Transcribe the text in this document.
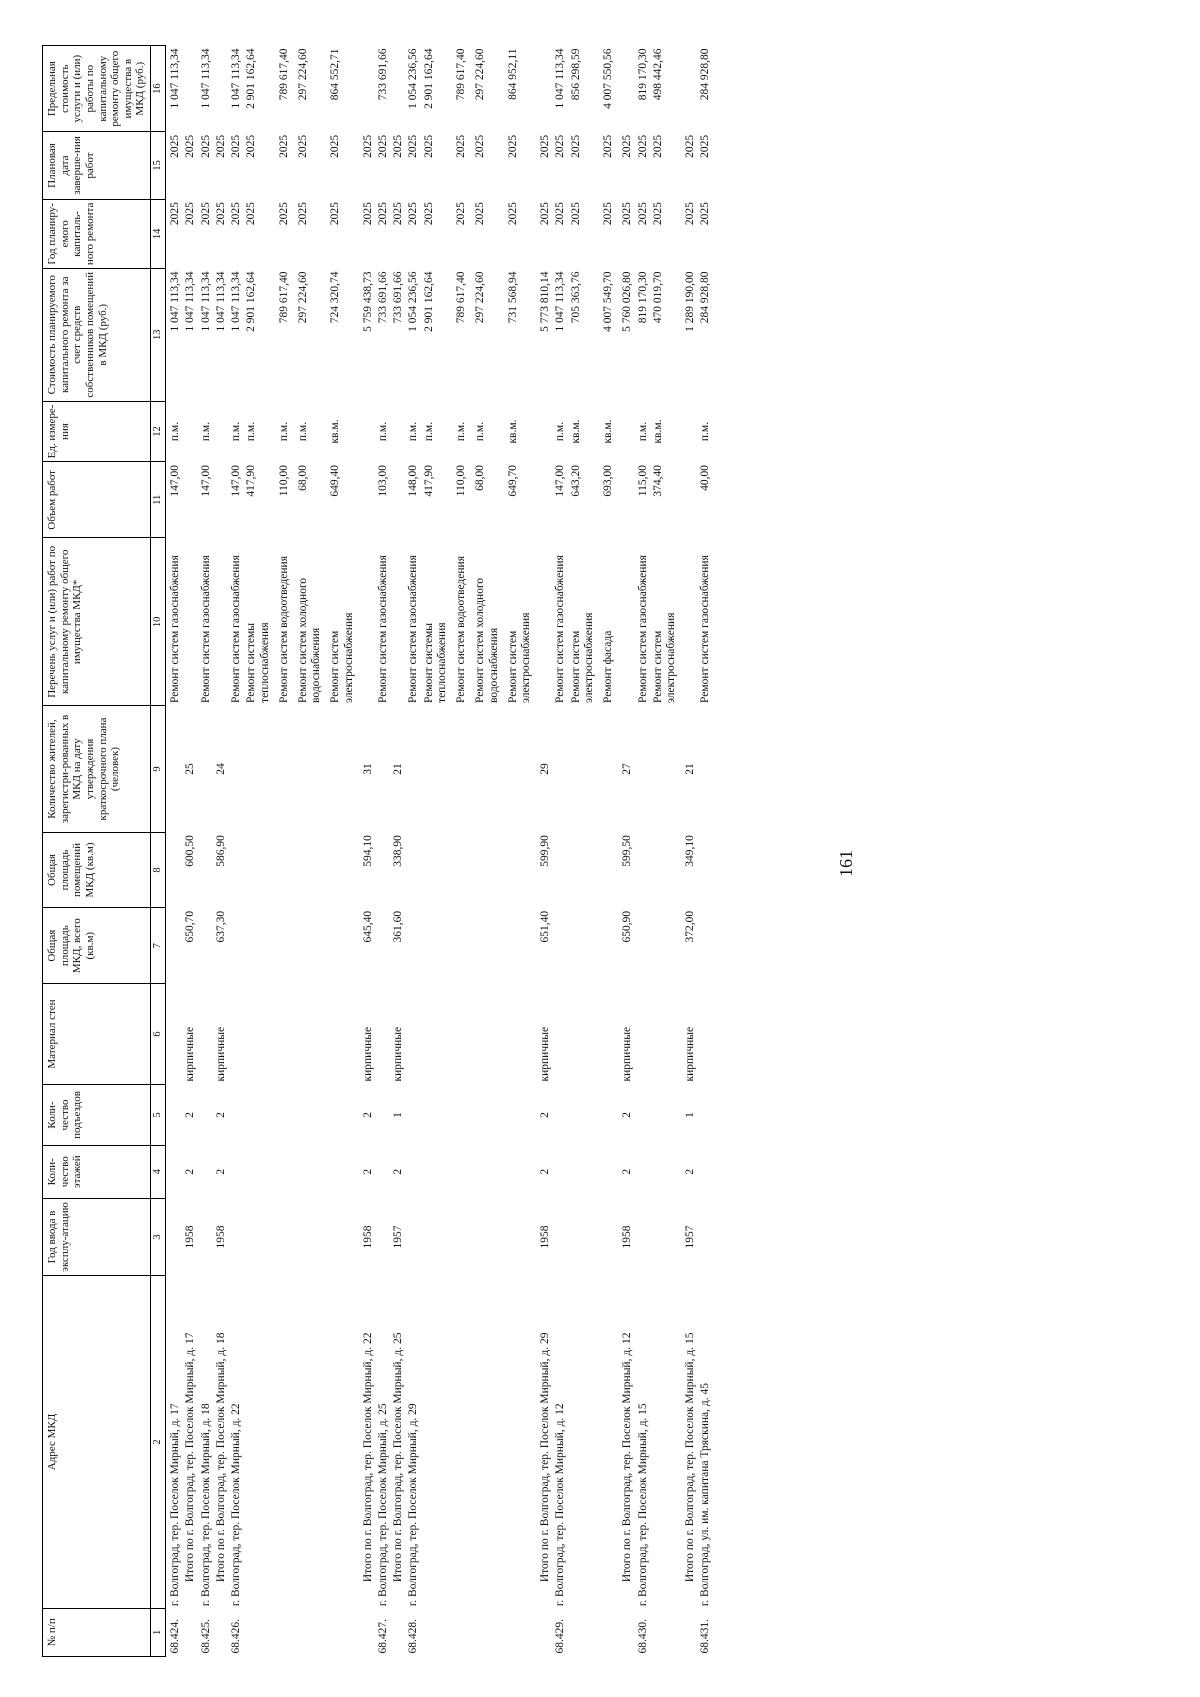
161
№ п/п	Адрес МКД	Год ввода в эксплу-атацию	Коли-чество этажей	Коли-чество подъездов	Материал стен	Общая площадь МКД, всего (кв.м)	Общая площадь помещений МКД (кв.м)	Количество жителей, зарегистри-рованных в МКД на дату утверждения краткосрочного плана (человек)	Перечень услуг и (или) работ по капитальному ремонту общего имущества МКД*	Объем работ	Ед. измере-ния	Стоимость планируемого капитального ремонта за счет средств собственников помещений в МКД (руб.)	Год планиру-емого капиталь-ного ремонта	Плановая дата заверше-ния работ	Предельная стоимость услуги и (или) работы по капитальному ремонту общего имущества в МКД (руб.)
1	2	3	4	5	6	7	8	9	10	11	12	13	14	15	16
68.424.	г. Волгоград, тер. Поселок Мирный, д. 17								Ремонт систем газоснабжения	147,00	п.м.	1 047 113,34	2025	2025	1 047 113,34
	Итого по г. Волгоград, тер. Поселок Мирный, д. 17	1958	2	2	кирпичные	650,70	600,50	25				1 047 113,34	2025	2025	
68.425.	г. Волгоград, тер. Поселок Мирный, д. 18								Ремонт систем газоснабжения	147,00	п.м.	1 047 113,34	2025	2025	1 047 113,34
	Итого по г. Волгоград, тер. Поселок Мирный, д. 18	1958	2	2	кирпичные	637,30	586,90	24				1 047 113,34	2025	2025	
68.426.	г. Волгоград, тер. Поселок Мирный, д. 22								Ремонт систем газоснабжения	147,00	п.м.	1 047 113,34	2025	2025	1 047 113,34
									Ремонт системы теплоснабжения	417,90	п.м.	2 901 162,64	2025	2025	2 901 162,64
									Ремонт систем водоотведения	110,00	п.м.	789 617,40	2025	2025	789 617,40
									Ремонт систем холодного водоснабжения	68,00	п.м.	297 224,60	2025	2025	297 224,60
									Ремонт систем электроснабжения	649,40	кв.м.	724 320,74	2025	2025	864 552,71
	Итого по г. Волгоград, тер. Поселок Мирный, д. 22	1958	2	2	кирпичные	645,40	594,10	31				5 759 438,73	2025	2025	
68.427.	г. Волгоград, тер. Поселок Мирный, д. 25								Ремонт систем газоснабжения	103,00	п.м.	733 691,66	2025	2025	733 691,66
	Итого по г. Волгоград, тер. Поселок Мирный, д. 25	1957	2	1	кирпичные	361,60	338,90	21				733 691,66	2025	2025	
68.428.	г. Волгоград, тер. Поселок Мирный, д. 29								Ремонт систем газоснабжения	148,00	п.м.	1 054 236,56	2025	2025	1 054 236,56
									Ремонт системы теплоснабжения	417,90	п.м.	2 901 162,64	2025	2025	2 901 162,64
									Ремонт систем водоотведения	110,00	п.м.	789 617,40	2025	2025	789 617,40
									Ремонт систем холодного водоснабжения	68,00	п.м.	297 224,60	2025	2025	297 224,60
									Ремонт систем электроснабжения	649,70	кв.м.	731 568,94	2025	2025	864 952,11
	Итого по г. Волгоград, тер. Поселок Мирный, д. 29	1958	2	2	кирпичные	651,40	599,90	29				5 773 810,14	2025	2025	
68.429.	г. Волгоград, тер. Поселок Мирный, д. 12								Ремонт систем газоснабжения	147,00	п.м.	1 047 113,34	2025	2025	1 047 113,34
									Ремонт систем электроснабжения	643,20	кв.м.	705 363,76	2025	2025	856 298,59
									Ремонт фасада	693,00	кв.м.	4 007 549,70	2025	2025	4 007 550,56
	Итого по г. Волгоград, тер. Поселок Мирный, д. 12	1958	2	2	кирпичные	650,90	599,50	27				5 760 026,80	2025	2025	
68.430.	г. Волгоград, тер. Поселок Мирный, д. 15								Ремонт систем газоснабжения	115,00	п.м.	819 170,30	2025	2025	819 170,30
									Ремонт систем электроснабжения	374,40	кв.м.	470 019,70	2025	2025	498 442,46
	Итого по г. Волгоград, тер. Поселок Мирный, д. 15	1957	2	1	кирпичные	372,00	349,10	21				1 289 190,00	2025	2025	
68.431.	г. Волгоград, ул. им. капитана Тряскина, д. 45								Ремонт систем газоснабжения	40,00	п.м.	284 928,80	2025	2025	284 928,80
